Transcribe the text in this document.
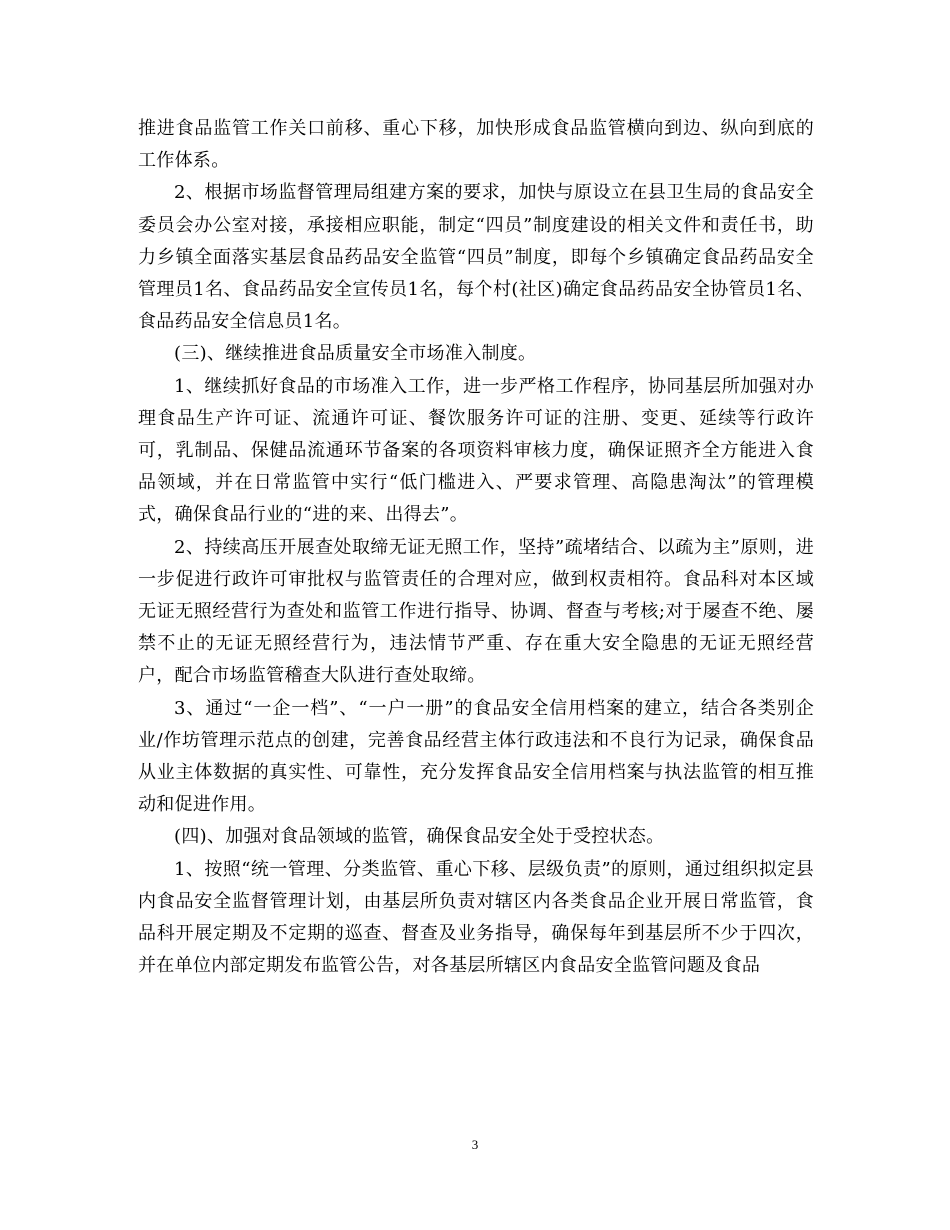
推进食品监管工作关口前移、重心下移，加快形成食品监管横向到边、纵向到底的工作体系。

2、根据市场监督管理局组建方案的要求，加快与原设立在县卫生局的食品安全委员会办公室对接，承接相应职能，制定“四员”制度建设的相关文件和责任书，助力乡镇全面落实基层食品药品安全监管“四员”制度，即每个乡镇确定食品药品安全管理员1名、食品药品安全宣传员1名，每个村(社区)确定食品药品安全协管员1名、食品药品安全信息员1名。

(三)、继续推进食品质量安全市场准入制度。

1、继续抓好食品的市场准入工作，进一步严格工作程序，协同基层所加强对办理食品生产许可证、流通许可证、餐饮服务许可证的注册、变更、延续等行政许可，乳制品、保健品流通环节备案的各项资料审核力度，确保证照齐全方能进入食品领域，并在日常监管中实行“低门槛进入、严要求管理、高隐患淘汰”的管理模式，确保食品行业的“进的来、出得去”。

2、持续高压开展查处取缔无证无照工作，坚持”疏堵结合、以疏为主”原则，进一步促进行政许可审批权与监管责任的合理对应，做到权责相符。食品科对本区域无证无照经营行为查处和监管工作进行指导、协调、督查与考核;对于屡查不绝、屡禁不止的无证无照经营行为，违法情节严重、存在重大安全隐患的无证无照经营户，配合市场监管稽查大队进行查处取缔。

3、通过“一企一档”、“一户一册”的食品安全信用档案的建立，结合各类别企业/作坊管理示范点的创建，完善食品经营主体行政违法和不良行为记录，确保食品从业主体数据的真实性、可靠性，充分发挥食品安全信用档案与执法监管的相互推动和促进作用。

(四)、加强对食品领域的监管，确保食品安全处于受控状态。

1、按照“统一管理、分类监管、重心下移、层级负责”的原则，通过组织拟定县内食品安全监督管理计划，由基层所负责对辖区内各类食品企业开展日常监管，食品科开展定期及不定期的巡查、督查及业务指导，确保每年到基层所不少于四次，并在单位内部定期发布监管公告，对各基层所辖区内食品安全监管问题及食品

3
